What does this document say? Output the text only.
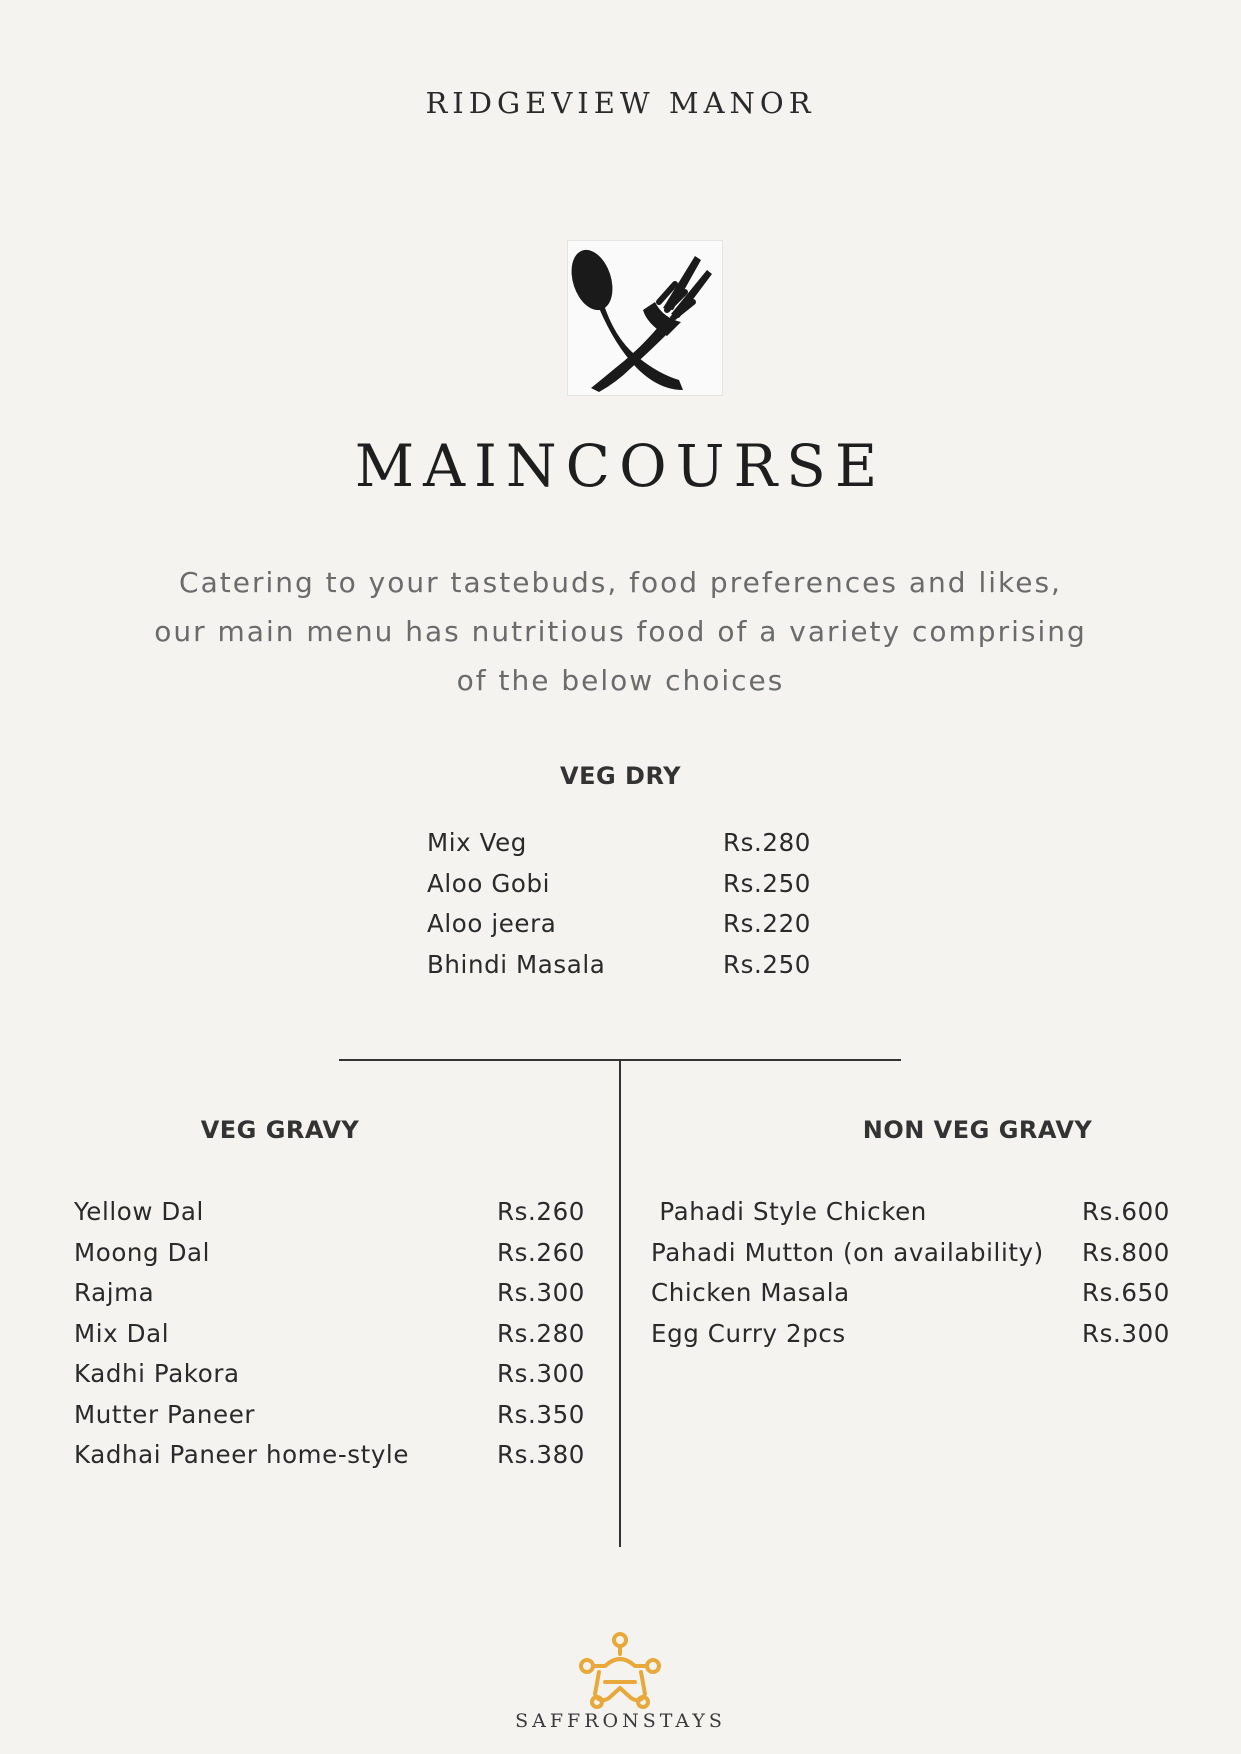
RIDGEVIEW MANOR
MAINCOURSE
Catering to your tastebuds, food preferences and likes, our main menu has nutritious food of a variety comprising of the below choices
VEG DRY
Mix Veg	Rs.280
Aloo Gobi	Rs.250
Aloo jeera	Rs.220
Bhindi Masala	Rs.250
VEG GRAVY	NON VEG GRAVY
Yellow Dal	Rs.260
Moong Dal	Rs.260
Rajma	Rs.300
Mix Dal	Rs.280
Kadhi Pakora	Rs.300
Mutter Paneer	Rs.350
Kadhai Paneer home-style	Rs.380
Pahadi Style Chicken	Rs.600
Pahadi Mutton (on availability) Rs.800
Chicken Masala	Rs.650
Egg Curry 2pcs	Rs.300
SAFFRONSTAYS
